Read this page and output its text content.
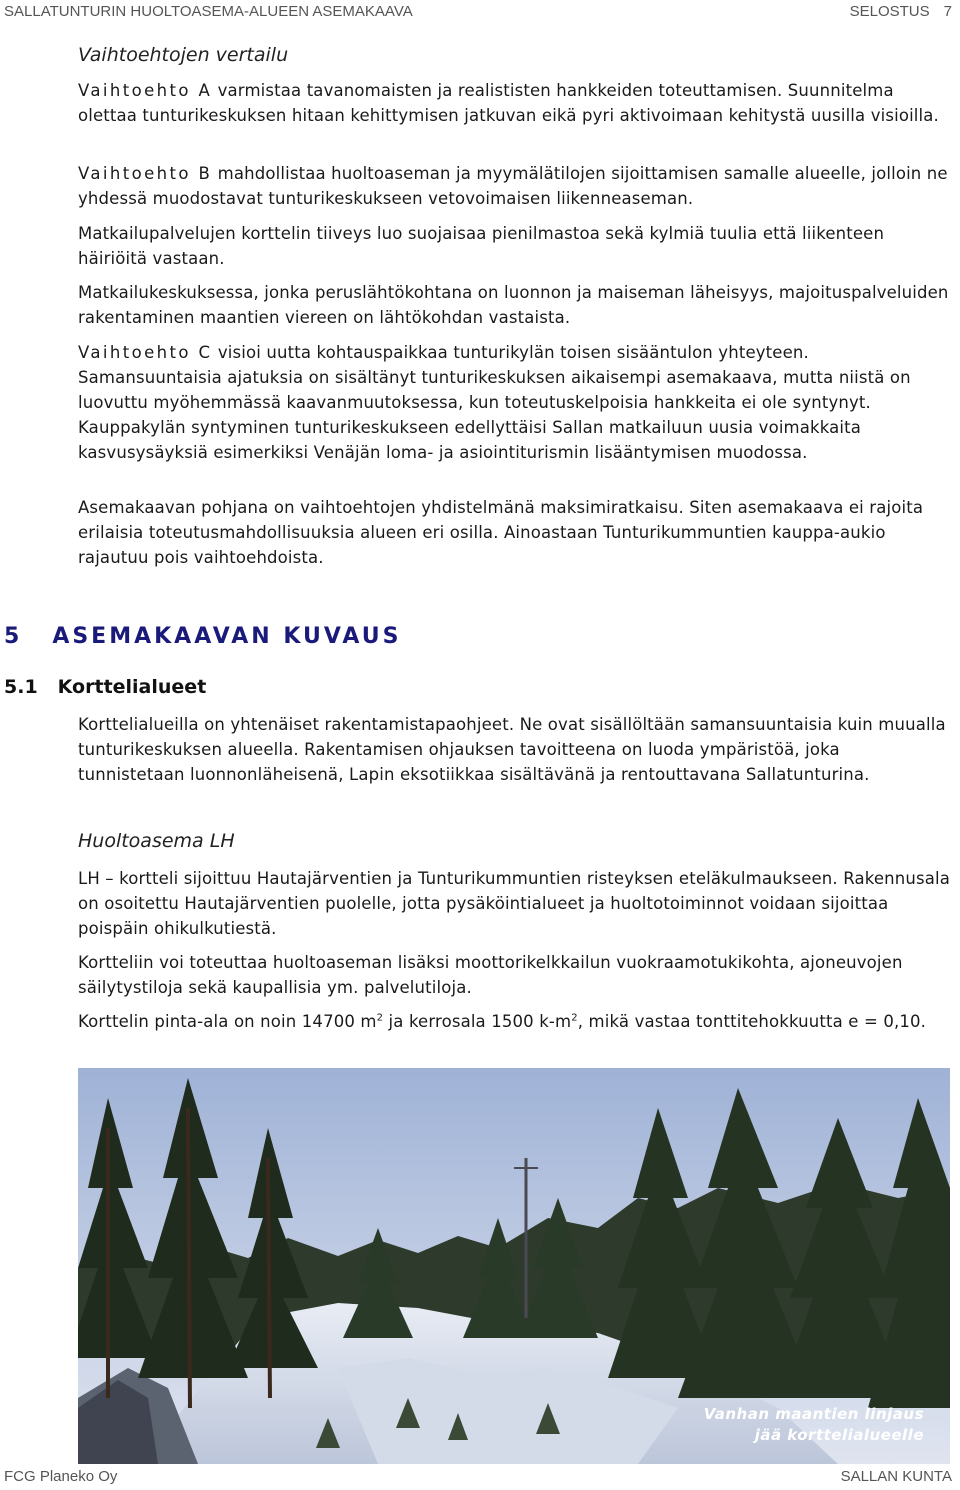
SALLATUNTURIN HUOLTOASEMA-ALUEEN ASEMAKAAVA	SELOSTUS 7
Vaihtoehtojen vertailu

Vaihtoehto A varmistaa tavanomaisten ja realististen hankkeiden toteuttamisen. Suunnitelma olettaa tunturikeskuksen hitaan kehittymisen jatkuvan eikä pyri aktivoimaan kehitystä uusilla visioilla.

Vaihtoehto B mahdollistaa huoltoaseman ja myymälätilojen sijoittamisen samalle alueelle, jolloin ne yhdessä muodostavat tunturikeskukseen vetovoimaisen liikenneaseman.

Matkailupalvelujen korttelin tiiveys luo suojaisaa pienilmastoa sekä kylmiä tuulia että liikenteen häiriöitä vastaan.

Matkailukeskuksessa, jonka peruslähtökohtana on luonnon ja maiseman läheisyys, majoituspalveluiden rakentaminen maantien viereen on lähtökohdan vastaista.

Vaihtoehto C visioi uutta kohtauspaikkaa tunturikylän toisen sisääntulon yhteyteen. Samansuuntaisia ajatuksia on sisältänyt tunturikeskuksen aikaisempi asemakaava, mutta niistä on luovuttu myöhemmässä kaavanmuutoksessa, kun toteutuskelpoisia hankkeita ei ole syntynyt. Kauppakylän syntyminen tunturikeskukseen edellyttäisi Sallan matkailuun uusia voimakkaita kasvusysäyksiä esimerkiksi Venäjän loma- ja asiointiturismin lisääntymisen muodossa.

Asemakaavan pohjana on vaihtoehtojen yhdistelmänä maksimiratkaisu. Siten asemakaava ei rajoita erilaisia toteutusmahdollisuuksia alueen eri osilla. Ainoastaan Tunturikummuntien kauppa-aukio rajautuu pois vaihtoehdoista.

5 ASEMAKAAVAN KUVAUS
5.1 Korttelialueet

Korttelialueilla on yhtenäiset rakentamistapaohjeet. Ne ovat sisällöltään samansuuntaisia kuin muualla tunturikeskuksen alueella. Rakentamisen ohjauksen tavoitteena on luoda ympäristöä, joka tunnistetaan luonnonläheisenä, Lapin eksotiikkaa sisältävänä ja rentouttavana Sallatunturina.

Huoltoasema LH

LH – kortteli sijoittuu Hautajärventien ja Tunturikummuntien risteyksen eteläkulmaukseen. Rakennusala on osoitettu Hautajärventien puolelle, jotta pysäköintialueet ja huoltotoiminnot voidaan sijoittaa poispäin ohikulkutiestä.

Kortteliin voi toteuttaa huoltoaseman lisäksi moottorikelkkailun vuokraamotukikohta, ajoneuvojen säilytystiloja sekä kaupallisia ym. palvelutiloja.

Korttelin pinta-ala on noin 14700 $m^2$ ja kerrosala 1500 $k-m^2$, mikä vastaa tonttitehokkuutta e = 0,10.

Vanhan maantien linjaus
jää korttelialueelle
FCG Planeko Oy	SALLAN KUNTA
